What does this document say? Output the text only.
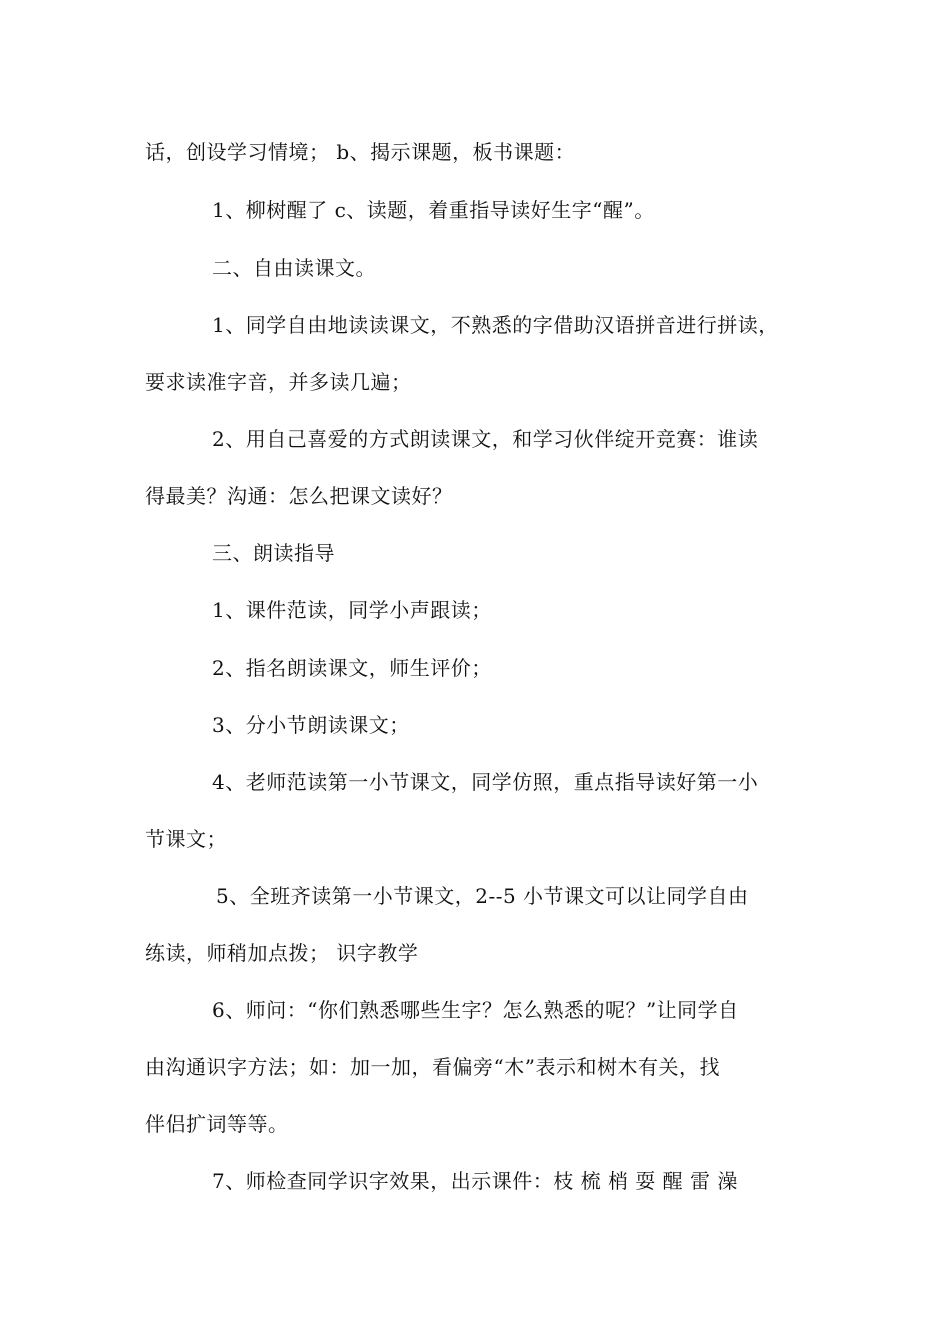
话，创设学习情境； b、揭示课题，板书课题：
1、柳树醒了 c、读题，着重指导读好生字“醒”。
二、自由读课文。
1、同学自由地读读课文，不熟悉的字借助汉语拼音进行拼读，
要求读准字音，并多读几遍；
2、用自己喜爱的方式朗读课文，和学习伙伴绽开竞赛：谁读
得最美？沟通：怎么把课文读好？
三、朗读指导
1、课件范读，同学小声跟读；
2、指名朗读课文，师生评价；
3、分小节朗读课文；
4、老师范读第一小节课文，同学仿照，重点指导读好第一小
节课文；
5、全班齐读第一小节课文，2--5 小节课文可以让同学自由
练读，师稍加点拨； 识字教学
6、师问：“你们熟悉哪些生字？怎么熟悉的呢？”让同学自
由沟通识字方法；如：加一加，看偏旁“木”表示和树木有关，找
伴侣扩词等等。
7、师检查同学识字效果，出示课件：枝 梳 梢 耍 醒 雷 澡
